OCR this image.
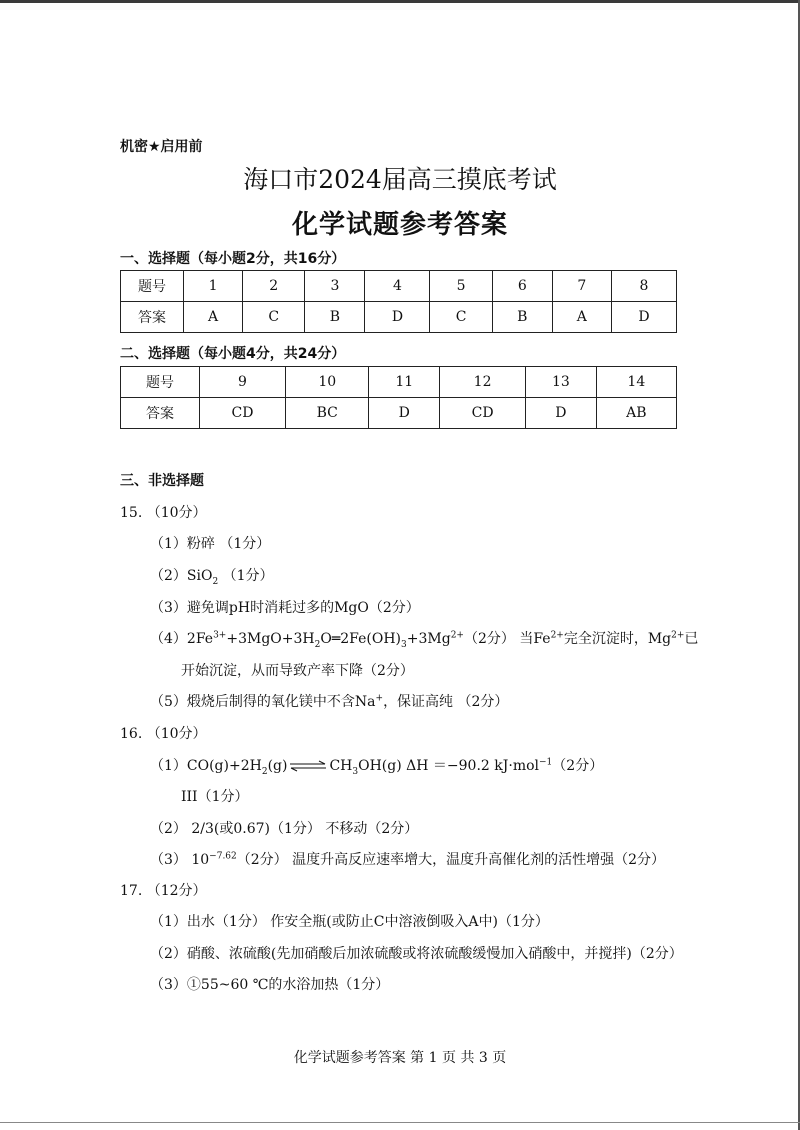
机密★启用前
海口市2024届高三摸底考试
化学试题参考答案
一、选择题（每小题2分，共16分）
题号	1	2	3	4	5	6	7	8
答案	A	C	B	D	C	B	A	D
二、选择题（每小题4分，共24分）
题号	9	10	11	12	13	14
答案	CD	BC	D	CD	D	AB
三、非选择题
15. （10分）
（1）粉碎 （1分）
（2）SiO$_2$ （1分）
（3）避免调pH时消耗过多的MgO（2分）
$(4)2Fe^{3+}+3MgO+3H_2O═2Fe(OH)_3+3Mg^{2+}(2$分） 当$Fe^{2+}$完全沉淀时，$Mg^{2+}$已
开始沉淀，从而导致产率下降（2分）
（5）煅烧后制得的氧化镁中不含Na+，保证高纯 （2分）
16. （10分）
$(1)CO(g)+2H_2(g)$ ⇌ $CH_3OH(g)$ ΔH ＝−90.2 kJ·mol$^{-1}$（2分）
III（1分）
（2） 2/3(或0.67)（1分） 不移动（2分）
（3） $10^{-7.62}(2$分） 温度升高反应速率增大，温度升高催化剂的活性增强（2分）
17. （12分）
（1）出水（1分） 作安全瓶(或防止C中溶液倒吸入A中)（1分）
（2）硝酸、浓硫酸(先加硝酸后加浓硫酸或将浓硫酸缓慢加入硝酸中，并搅拌)（2分）
（3）①55~60 ℃的水浴加热（1分）
化学试题参考答案 第 1 页 共 3 页
